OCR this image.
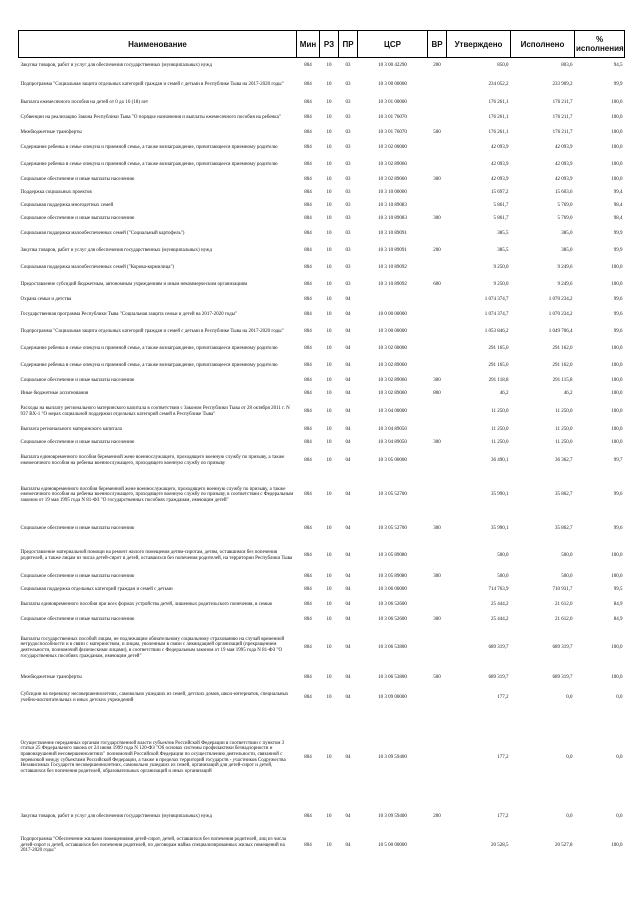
Наименование	Мин	РЗ	ПР	ЦСР	ВР	Утверждено	Исполнено	% исполнения
Закупка товаров, работ и услуг для обеспечения государственных (муниципальных) нужд	804	10	03	10 3 00 42290	200	850,0	803,6	94,5
Подпрограмма "Социальная защита отдельных категорий граждан и семей с детьми в Республике Тыва на 2017-2020 годы"	804	10	03	10 3 00 00000		234 052,2	233 909,2	99,9
Выплата ежемесячного пособия на детей от 0 до 16 (18) лет	804	10	03	10 3 01 00000		176 261,1	176 211,7	100,0
Субвенции на реализацию Закона Республики Тыва "О порядке назначения и выплаты ежемесячного пособия на ребенка"	804	10	03	10 3 01 76070		176 261,1	176 211,7	100,0
Межбюджетные трансферты	804	10	03	10 3 01 76070	500	176 261,1	176 211,7	100,0
Содержание ребенка в семье опекуна и приемной семье, а также вознаграждение, причитающееся приемному родителю	804	10	03	10 3 02 00000		42 093,9	42 093,9	100,0
Содержание ребенка в семье опекуна и приемной семье, а также вознаграждение, причитающееся приемному родителю	804	10	03	10 3 02 89060		42 093,9	42 093,9	100,0
Социальное обеспечение и иные выплаты населению	804	10	03	10 3 02 89060	300	42 093,9	42 093,9	100,0
Поддержка социальных проектов	804	10	03	10 3 10 00000		15 697,2	15 603,6	99,4
Социальная поддержка многодетных семей	804	10	03	10 3 10 89083		5 861,7	5 769,0	98,4
Социальное обеспечение и иные выплаты населению	804	10	03	10 3 10 89083	300	5 861,7	5 769,0	98,4
Социальная поддержка малообеспеченных семей ("Социальный картофель")	804	10	03	10 3 10 89091		385,5	385,0	99,9
Закупка товаров, работ и услуг для обеспечения государственных (муниципальных) нужд	804	10	03	10 3 10 89091	200	385,5	385,0	99,9
Социальная поддержка малообеспеченных семей ("Корова-кормилица")	804	10	03	10 3 10 89092		9 250,0	9 249,6	100,0
Предоставление субсидий бюджетным, автономным учреждениям и иным некоммерческим организациям	804	10	03	10 3 10 89092	600	9 250,0	9 249,6	100,0
Охрана семьи и детства	804	10	04			1 074 374,7	1 070 234,2	99,6
Государственная программа Республики Тыва "Социальная защита семьи и детей на 2017-2020 годы"	804	10	04	10 0 00 00000		1 074 374,7	1 070 234,2	99,6
Подпрограмма "Социальная защита отдельных категорий граждан и семей с детьми в Республике Тыва на 2017-2020 годы"	804	10	04	10 3 00 00000		1 053 846,2	1 049 706,4	99,6
Содержание ребенка в семье опекуна и приемной семье, а также вознаграждение, причитающееся приемному родителю	804	10	04	10 3 02 00000		291 165,0	291 162,0	100,0
Содержание ребенка в семье опекуна и приемной семье, а также вознаграждение, причитающееся приемному родителю	804	10	04	10 3 02 89060		291 165,0	291 162,0	100,0
Социальное обеспечение и иные выплаты населению	804	10	04	10 3 02 89060	300	291 118,8	291 115,8	100,0
Иные бюджетные ассигнования	804	10	04	10 3 02 89060	800	46,2	46,2	100,0
Расходы на выплату регионального материнского капитала в соответствии с Законом Республики Тыва от 28 октября 2011 г. N 937 ВХ-1 "О мерах социальной поддержки отдельных категорий семей в Республике Тыва"	804	10	04	10 3 04 00000		11 250,0	11 250,0	100,0
Выплата регионального материнского капитала	804	10	04	10 3 04 89050		11 250,0	11 250,0	100,0
Социальное обеспечение и иные выплаты населению	804	10	04	10 3 04 89050	300	11 250,0	11 250,0	100,0
Выплата единовременного пособия беременной жене военнослужащего, проходящего военную службу по призыву, а также ежемесячного пособия на ребенка военнослужащего, проходящего военную службу по призыву	804	10	04	10 3 05 00000		36 490,1	36 362,7	99,7
Выплаты единовременного пособия беременной жене военнослужащего, проходящего военную службу по призыву, а также ежемесячного пособия на ребенка военнослужащего, проходящего военную службу по призыву, в соответствии с Федеральным законом от 19 мая 1995 года N 81-ФЗ "О государственных пособиях гражданам, имеющим детей"	804	10	04	10 3 05 52700		35 990,1	35 862,7	99,6
Социальное обеспечение и иные выплаты населению	804	10	04	10 3 05 52700	300	35 990,1	35 862,7	99,6
Предоставление материальной помощи на ремонт жилого помещения детям-сиротам, детям, оставшимся без попечения родителей, а также лицам из числа детей-сирот и детей, оставшихся без попечения родителей, на территории Республики Тыва	804	10	04	10 3 05 89080		500,0	500,0	100,0
Социальное обеспечение и иные выплаты населению	804	10	04	10 3 05 89080	300	500,0	500,0	100,0
Социальная поддержка отдельных категорий граждан и семей с детьми	804	10	04	10 3 06 00000		714 763,9	710 931,7	99,5
Выплаты единовременного пособия при всех формах устройства детей, лишенных родительского попечения, в семью	804	10	04	10 3 06 52600		25 444,2	21 612,0	84,9
Социальное обеспечение и иные выплаты населению	804	10	04	10 3 06 52600	300	25 444,2	21 612,0	84,9
Выплаты государственных пособий лицам, не подлежащим обязательному социальному страхованию на случай временной нетрудоспособности и в связи с материнством, и лицам, уволенным в связи с ликвидацией организаций (прекращением деятельности, полномочий физическими лицами), в соответствии с Федеральным законом от 19 мая 1995 года N 81-ФЗ "О государственных пособиях гражданам, имеющим детей"	804	10	04	10 3 06 53800		689 319,7	689 319,7	100,0
Межбюджетные трансферты	804	10	04	10 3 06 53800	500	689 319,7	689 319,7	100,0
Субсидии на перевозку несовершеннолетних, самовольно ушедших из семей, детских домов, школ-интернатов, специальных учебно-воспитательных и иных детских учреждений	804	10	04	10 3 09 00000		177,2	0,0	0,0
Осуществление переданных органам государственной власти субъектов Российской Федерации в соответствии с пунктом 3 статьи 25 Федерального закона от 24 июня 1999 года N 120-ФЗ "Об основах системы профилактики безнадзорности и правонарушений несовершеннолетних" полномочий Российской Федерации по осуществлению деятельности, связанной с перевозкой между субъектами Российской Федерации, а также в пределах территорий государств - участников Содружества Независимых Государств несовершеннолетних, самовольно ушедших из семей, организаций для детей-сирот и детей, оставшихся без попечения родителей, образовательных организаций и иных организаций	804	10	04	10 3 09 59400		177,2	0,0	0,0
Закупка товаров, работ и услуг для обеспечения государственных (муниципальных) нужд	804	10	04	10 3 09 59400	200	177,2	0,0	0,0
Подпрограмма "Обеспечение жилыми помещениями детей-сирот, детей, оставшихся без попечения родителей, лиц из числа детей-сирот и детей, оставшихся без попечения родителей, по договорам найма специализированных жилых помещений на 2017-2020 годы"	804	10	04	10 5 00 00000		20 528,5	20 527,8	100,0
